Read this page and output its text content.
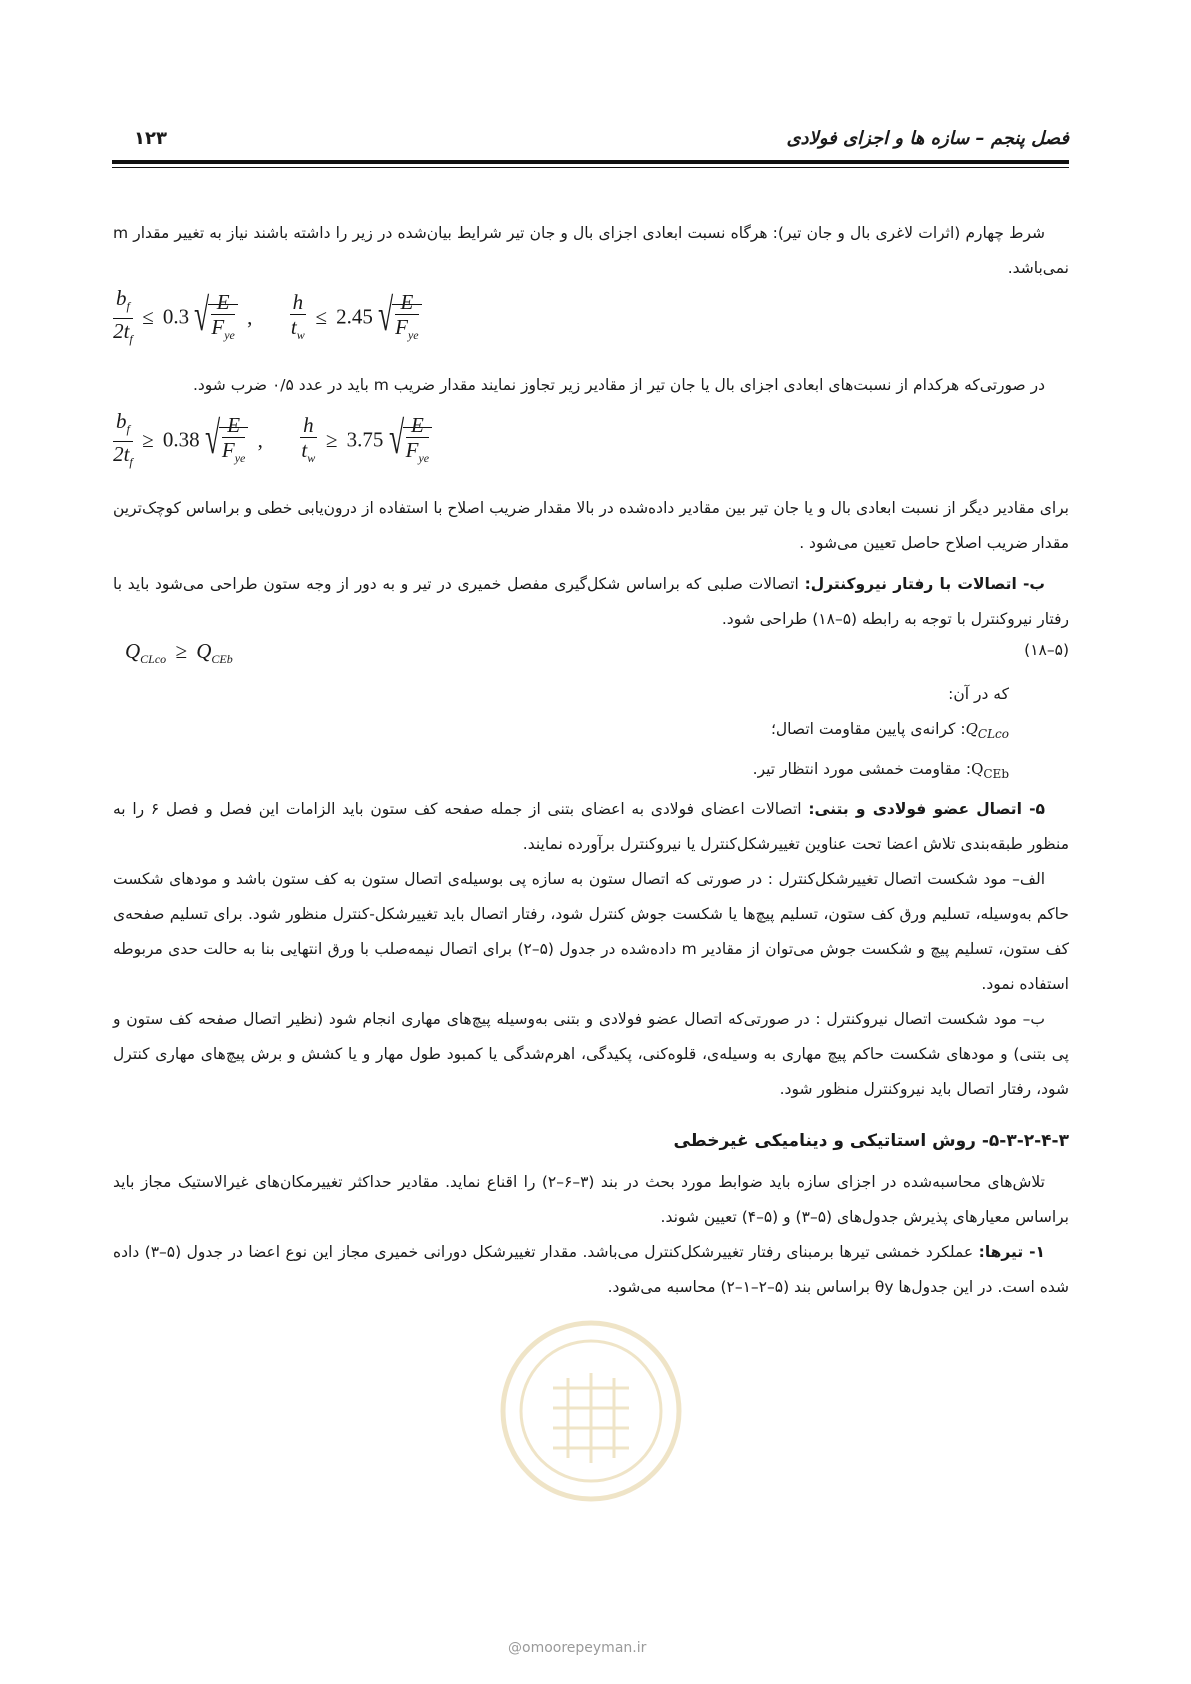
فصل پنجم – سازه ها و اجزای فولادی
۱۲۳

شرط چهارم (اثرات لاغری بال و جان تیر): هرگاه نسبت ابعادی اجزای بال و جان تیر شرایط بیان‌شده در زیر را داشته باشند نیاز به تغییر مقدار m نمی‌باشد.

$\frac{b_f}{2t_f} \le 0.3$ √ $\frac{E}{F_{ye}}$ , $\frac{h}{t_w} \le 2.45$ √ $\frac{E}{F_{ye}}$

در صورتی‌که هرکدام از نسبت‌های ابعادی اجزای بال یا جان تیر از مقادیر زیر تجاوز نمایند مقدار ضریب m باید در عدد ۰/۵ ضرب شود.

$\frac{b_f}{2t_f} \ge 0.38$ √ $\frac{E}{F_{ye}}$ , $\frac{h}{t_w} \ge 3.75$ √ $\frac{E}{F_{ye}}$

برای مقادیر دیگر از نسبت ابعادی بال و یا جان تیر بین مقادیر داده‌شده در بالا مقدار ضریب اصلاح با استفاده از درون‌یابی خطی و براساس کوچک‌ترین مقدار ضریب اصلاح حاصل تعیین می‌شود .

ب- اتصالات با رفتار نیروکنترل: اتصالات صلبی که براساس شکل‌گیری مفصل خمیری در تیر و به دور از وجه ستون طراحی می‌شود باید با رفتار نیروکنترل با توجه به رابطه (۵–۱۸) طراحی شود.

$Q_{CLco} \ge Q_{CEb}$
(۵–۱۸)

که در آن:

$Q_{CLco}$: کرانه‌ی پایین مقاومت اتصال؛

$Q_{CEb}$: مقاومت خمشی مورد انتظار تیر.

۵- اتصال عضو فولادی و بتنی: اتصالات اعضای فولادی به اعضای بتنی از جمله صفحه کف ستون باید الزامات این فصل و فصل ۶ را به منظور طبقه‌بندی تلاش اعضا تحت عناوین تغییرشکل‌کنترل یا نیروکنترل برآورده نمایند.

الف– مود شکست اتصال تغییرشکل‌کنترل : در صورتی که اتصال ستون به سازه پی بوسیله‌ی اتصال ستون به کف ستون باشد و مودهای شکست حاکم به‌وسیله، تسلیم ورق کف ستون، تسلیم پیچ‌ها یا شکست جوش کنترل شود، رفتار اتصال باید تغییرشکل-کنترل منظور شود. برای تسلیم صفحه‌ی کف ستون، تسلیم پیچ و شکست جوش می‌توان از مقادیر m داده‌شده در جدول (۵–۲) برای اتصال نیمه‌صلب با ورق انتهایی بنا به حالت حدی مربوطه استفاده نمود.

ب– مود شکست اتصال نیروکنترل : در صورتی‌که اتصال عضو فولادی و بتنی به‌وسیله پیچ‌های مهاری انجام شود (نظیر اتصال صفحه کف ستون و پی بتنی) و مودهای شکست حاکم پیچ مهاری به وسیله‌ی، قلوه‌کنی، پکیدگی، اهرم‌شدگی یا کمبود طول مهار و یا کشش و برش پیچ‌های مهاری کنترل شود، رفتار اتصال باید نیروکنترل منظور شود.

۵-۳-۲-۴-۳- روش استاتیکی و دینامیکی غیرخطی

تلاش‌های محاسبه‌شده در اجزای سازه باید ضوابط مورد بحث در بند (۳–۶–۲) را اقناع نماید. مقادیر حداکثر تغییرمکان‌های غیرالاستیک مجاز باید براساس معیارهای پذیرش جدول‌های (۵–۳) و (۵–۴) تعیین شوند.

۱- تیرها: عملکرد خمشی تیرها برمبنای رفتار تغییرشکل‌کنترل می‌باشد. مقدار تغییرشکل دورانی خمیری مجاز این نوع اعضا در جدول (۵–۳) داده شده است. در این جدول‌ها θy براساس بند (۵–۲–۱–۲) محاسبه می‌شود.

@omoorepeyman.ir
